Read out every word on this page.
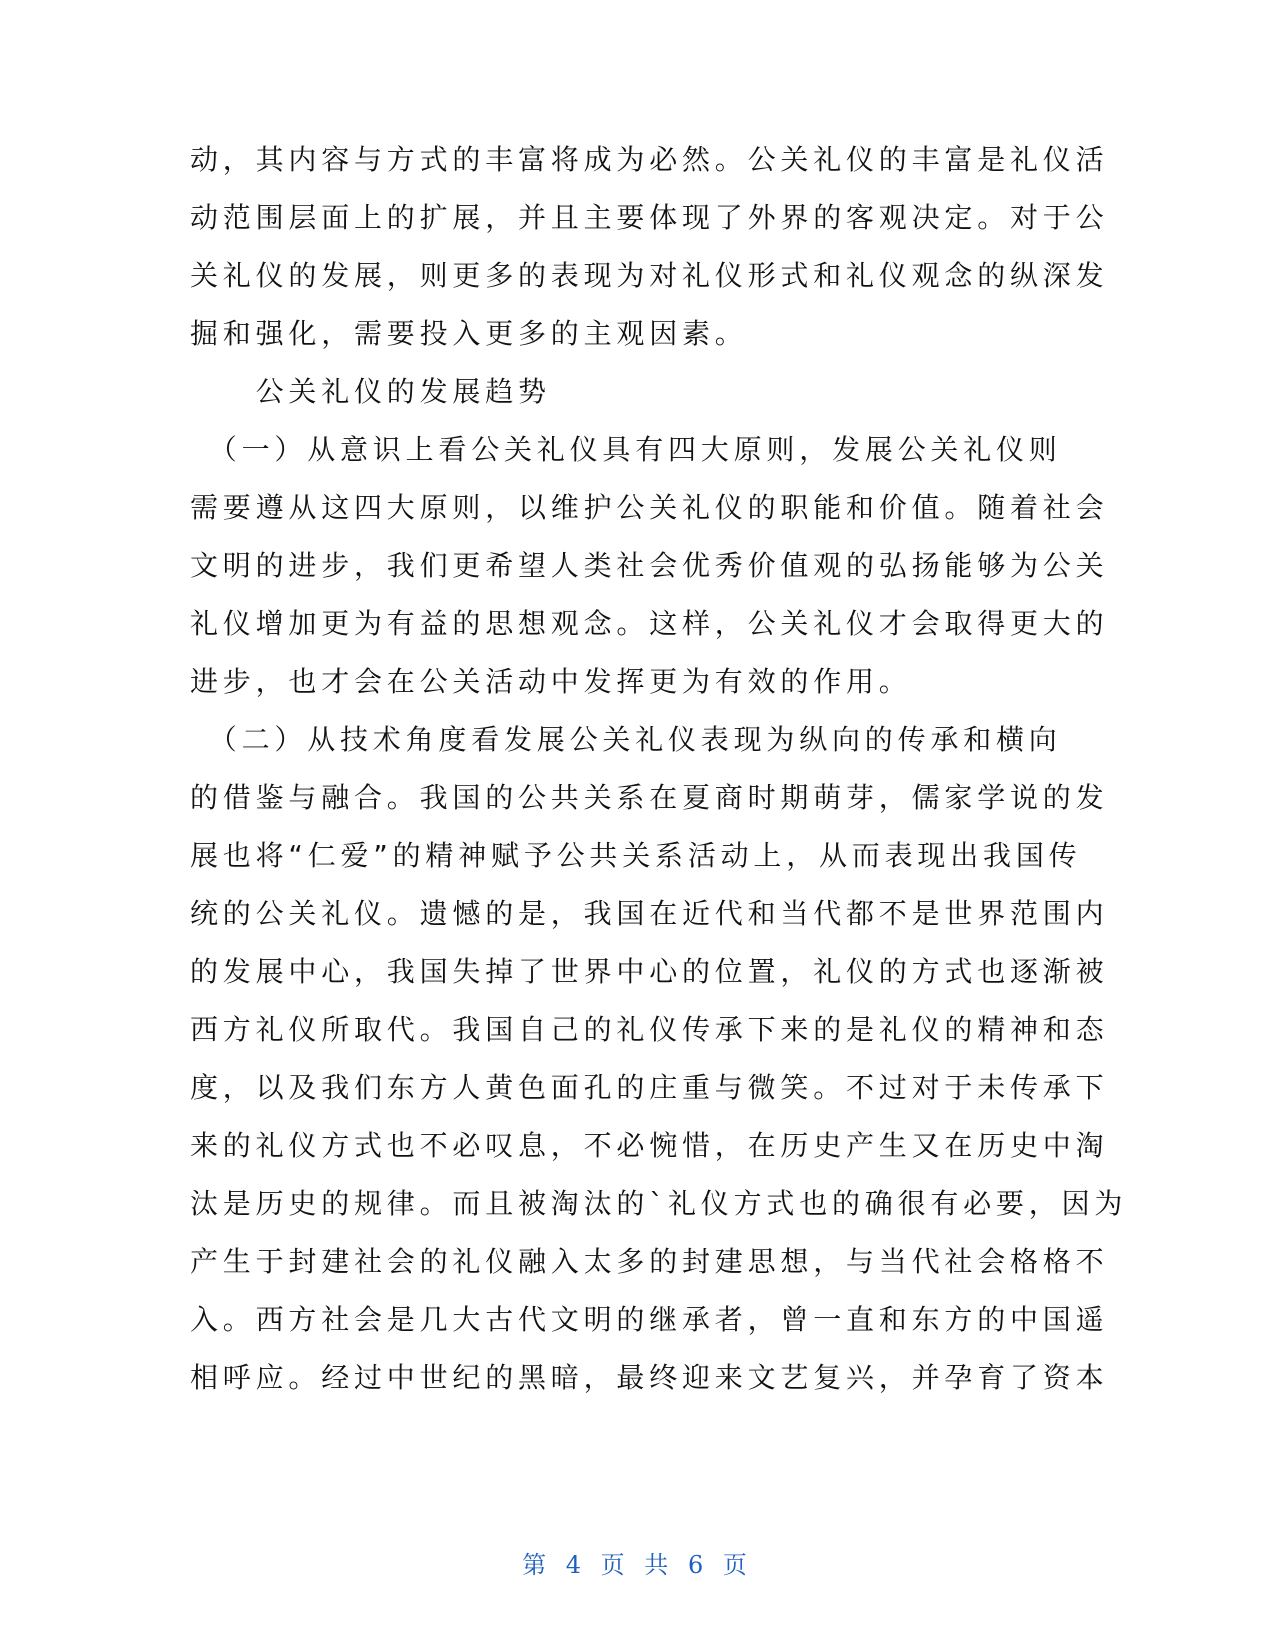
动，其内容与方式的丰富将成为必然。公关礼仪的丰富是礼仪活
动范围层面上的扩展，并且主要体现了外界的客观决定。对于公
关礼仪的发展，则更多的表现为对礼仪形式和礼仪观念的纵深发
掘和强化，需要投入更多的主观因素。
　　公关礼仪的发展趋势
　（一）从意识上看公关礼仪具有四大原则，发展公关礼仪则
需要遵从这四大原则，以维护公关礼仪的职能和价值。随着社会
文明的进步，我们更希望人类社会优秀价值观的弘扬能够为公关
礼仪增加更为有益的思想观念。这样，公关礼仪才会取得更大的
进步，也才会在公关活动中发挥更为有效的作用。
　（二）从技术角度看发展公关礼仪表现为纵向的传承和横向
的借鉴与融合。我国的公共关系在夏商时期萌芽，儒家学说的发
展也将“仁爱”的精神赋予公共关系活动上，从而表现出我国传
统的公关礼仪。遗憾的是，我国在近代和当代都不是世界范围内
的发展中心，我国失掉了世界中心的位置，礼仪的方式也逐渐被
西方礼仪所取代。我国自己的礼仪传承下来的是礼仪的精神和态
度，以及我们东方人黄色面孔的庄重与微笑。不过对于未传承下
来的礼仪方式也不必叹息，不必惋惜，在历史产生又在历史中淘
汰是历史的规律。而且被淘汰的`礼仪方式也的确很有必要，因为
产生于封建社会的礼仪融入太多的封建思想，与当代社会格格不
入。西方社会是几大古代文明的继承者，曾一直和东方的中国遥
相呼应。经过中世纪的黑暗，最终迎来文艺复兴，并孕育了资本
第 4 页 共 6 页
